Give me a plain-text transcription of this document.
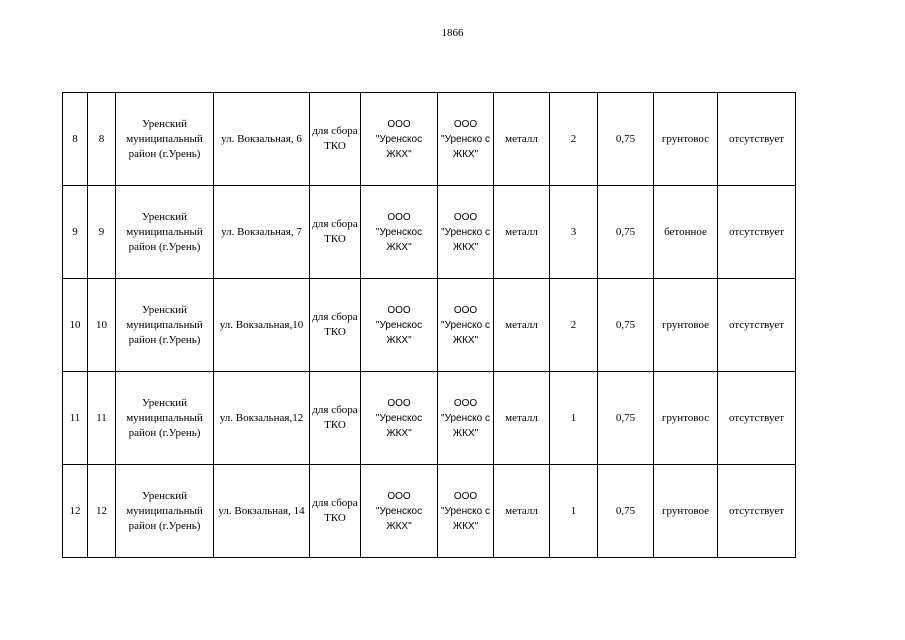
1866
8	8	Уренский муниципальный район (г.Урень)	ул. Вокзальная, 6	для сбора ТКО	ООО "Уренскос ЖКХ"	ООО "Уренско с ЖКХ"	металл	2	0,75	грунтовос	отсутствует
9	9	Уренский муниципальный район (г.Урень)	ул. Вокзальная, 7	для сбора ТКО	ООО "Уренскос ЖКХ"	ООО "Уренско с ЖКХ"	металл	3	0,75	бетонное	отсутствует
10	10	Уренский муниципальный район (г.Урень)	ул. Вокзальная,10	для сбора ТКО	ООО "Уренскос ЖКХ"	ООО "Уренско с ЖКХ"	металл	2	0,75	грунтовое	отсутствует
11	11	Уренский муниципальный район (г.Урень)	ул. Вокзальная,12	для сбора ТКО	ООО "Уренскос ЖКХ"	ООО "Уренско с ЖКХ"	металл	1	0,75	грунтовос	отсутствует
12	12	Уренский муниципальный район (г.Урень)	ул. Вокзальная, 14	для сбора ТКО	ООО "Уренскос ЖКХ"	ООО "Уренско с ЖКХ"	металл	1	0,75	грунтовое	отсутствует
